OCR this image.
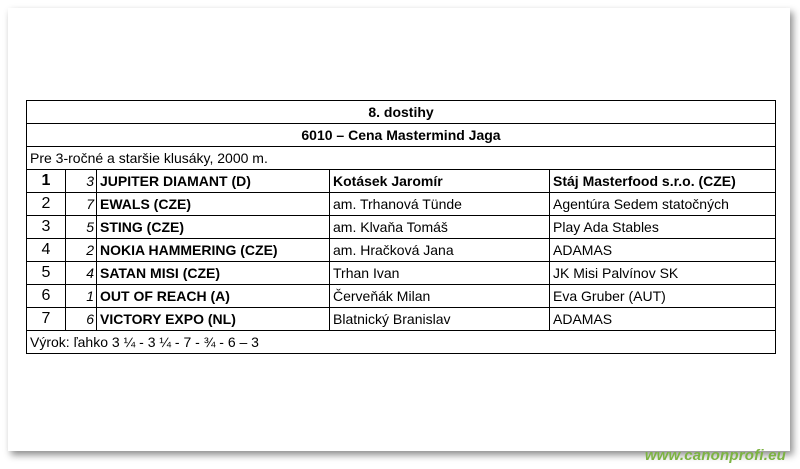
8. dostihy				
6010 – Cena Mastermind Jaga				
Pre 3-ročné a staršie klusáky, 2000 m.				
1	3	JUPITER DIAMANT (D)	Kotásek Jaromír	Stáj Masterfood s.r.o. (CZE)
2	7	EWALS (CZE)	am. Trhanová Tünde	Agentúra Sedem statočných
3	5	STING (CZE)	am. Klvaňa Tomáš	Play Ada Stables
4	2	NOKIA HAMMERING (CZE)	am. Hračková Jana	ADAMAS
5	4	SATAN MISI (CZE)	Trhan Ivan	JK Misi Palvínov SK
6	1	OUT OF REACH (A)	Červeňák Milan	Eva Gruber (AUT)
7	6	VICTORY EXPO (NL)	Blatnický Branislav	ADAMAS
Výrok: ľahko 3 ¼ - 3 ¼ - 7 - ¾ - 6 – 3				
www.canonprofi.eu
